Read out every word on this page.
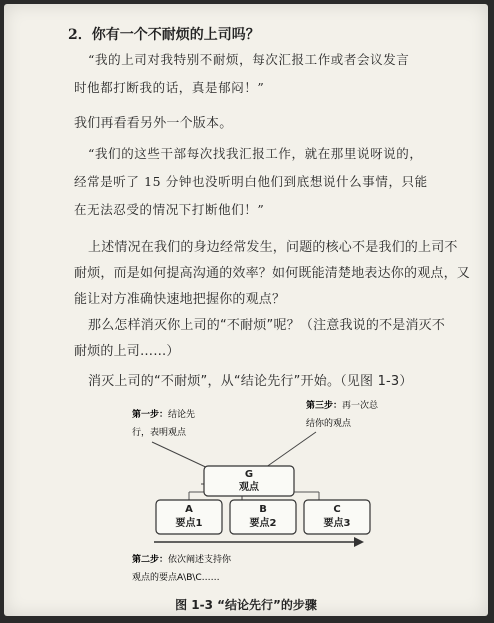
2．你有一个不耐烦的上司吗？
“我的上司对我特别不耐烦，每次汇报工作或者会议发言
时他都打断我的话，真是郁闷！”
我们再看看另外一个版本。
“我们的这些干部每次找我汇报工作，就在那里说呀说的，
经常是听了 15 分钟也没听明白他们到底想说什么事情，只能
在无法忍受的情况下打断他们！”
上述情况在我们的身边经常发生，问题的核心不是我们的上司不
耐烦，而是如何提高沟通的效率？如何既能清楚地表达你的观点，又
能让对方准确快速地把握你的观点？
那么怎样消灭你上司的“不耐烦”呢？（注意我说的不是消灭不
耐烦的上司……）
消灭上司的“不耐烦”，从“结论先行”开始。（见图 1-3）
第一步：结论先
行，表明观点
第三步：再一次总
结你的观点
第二步：依次阐述支持你
观点的要点A\B\C……
G
观点
A
要点1
B
要点2
C
要点3
图 1-3 “结论先行”的步骤
